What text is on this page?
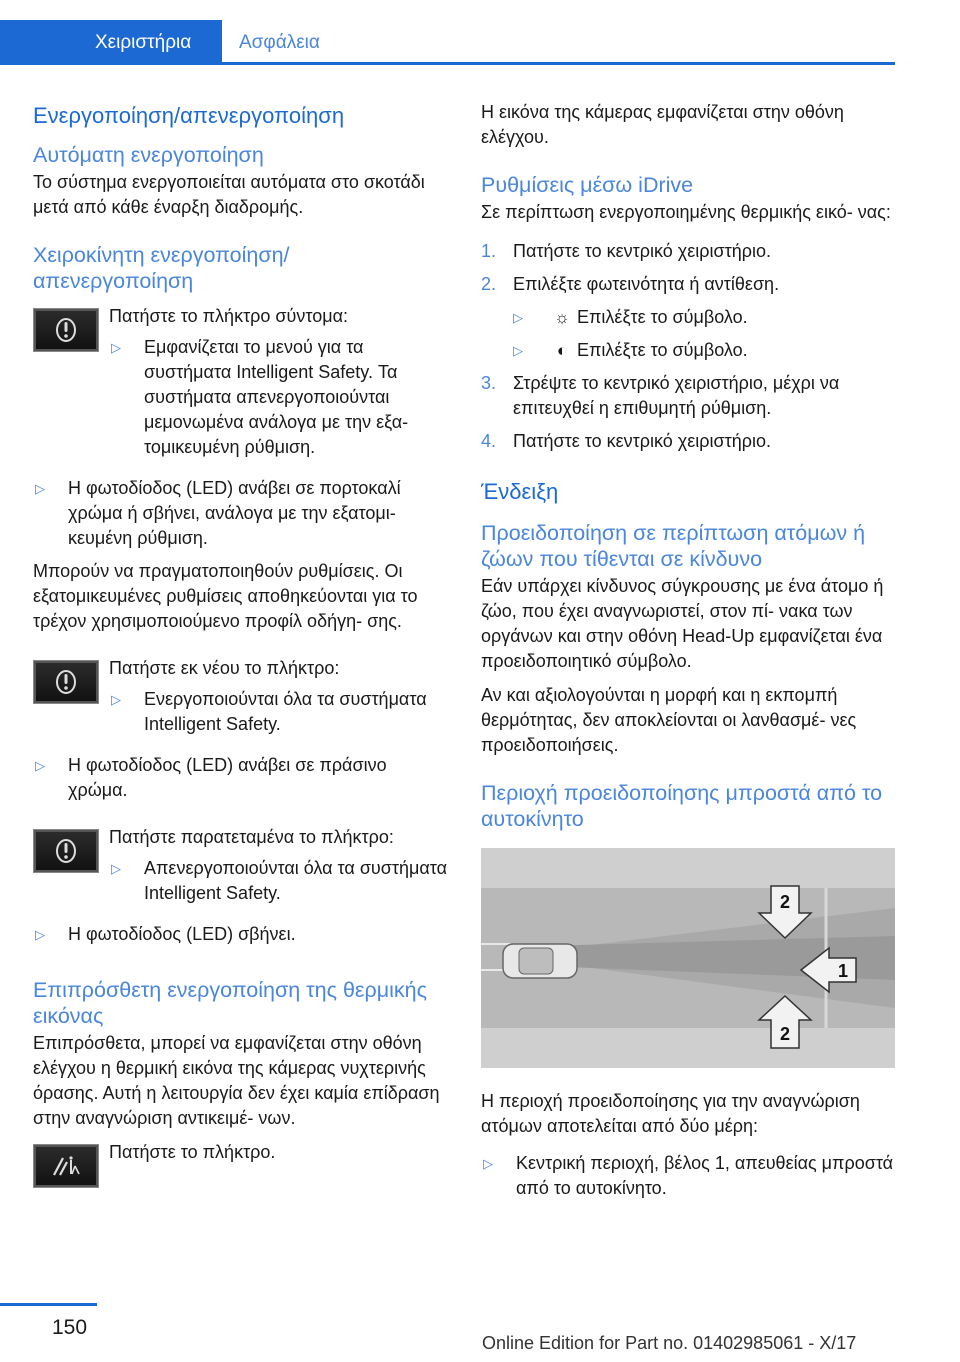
Χειριστήρια	Ασφάλεια
Ενεργοποίηση/απενεργοποίηση
Αυτόματη ενεργοποίηση
Το σύστημα ενεργοποιείται αυτόματα στο σκοτάδι μετά από κάθε έναρξη διαδρομής.
Χειροκίνητη ενεργοποίηση/ απενεργοποίηση
Πατήστε το πλήκτρο σύντομα:
▷	Εμφανίζεται το μενού για τα συστήματα Intelligent Safety. Τα συστήματα απενεργοποιούνται μεμονωμένα ανάλογα με την εξα- τομικευμένη ρύθμιση.
▷	Η φωτοδίοδος (LED) ανάβει σε πορτοκαλί χρώμα ή σβήνει, ανάλογα με την εξατομι- κευμένη ρύθμιση.
Μπορούν να πραγματοποιηθούν ρυθμίσεις. Οι εξατομικευμένες ρυθμίσεις αποθηκεύονται για το τρέχον χρησιμοποιούμενο προφίλ οδήγη- σης.
Πατήστε εκ νέου το πλήκτρο:
▷	Ενεργοποιούνται όλα τα συστήματα Intelligent Safety.
▷	Η φωτοδίοδος (LED) ανάβει σε πράσινο χρώμα.
Πατήστε παρατεταμένα το πλήκτρο:
▷	Απενεργοποιούνται όλα τα συστήματα Intelligent Safety.
▷	Η φωτοδίοδος (LED) σβήνει.
Επιπρόσθετη ενεργοποίηση της θερμικής εικόνας
Επιπρόσθετα, μπορεί να εμφανίζεται στην οθόνη ελέγχου η θερμική εικόνα της κάμερας νυχτερινής όρασης. Αυτή η λειτουργία δεν έχει καμία επίδραση στην αναγνώριση αντικειμέ- νων.
Πατήστε το πλήκτρο.
Η εικόνα της κάμερας εμφανίζεται στην οθόνη ελέγχου.
Ρυθμίσεις μέσω iDrive
Σε περίπτωση ενεργοποιημένης θερμικής εικό- νας:
1. Πατήστε το κεντρικό χειριστήριο.
2. Επιλέξτε φωτεινότητα ή αντίθεση.
▷	☼ Επιλέξτε το σύμβολο.
▷	◐ Επιλέξτε το σύμβολο.
3. Στρέψτε το κεντρικό χειριστήριο, μέχρι να επιτευχθεί η επιθυμητή ρύθμιση.
4. Πατήστε το κεντρικό χειριστήριο.
Ένδειξη
Προειδοποίηση σε περίπτωση ατόμων ή ζώων που τίθενται σε κίνδυνο
Εάν υπάρχει κίνδυνος σύγκρουσης με ένα άτομο ή ζώο, που έχει αναγνωριστεί, στον πί- νακα των οργάνων και στην οθόνη Head-Up εμφανίζεται ένα προειδοποιητικό σύμβολο.
Αν και αξιολογούνται η μορφή και η εκπομπή θερμότητας, δεν αποκλείονται οι λανθασμέ- νες προειδοποιήσεις.
Περιοχή προειδοποίησης μπροστά από το αυτοκίνητο
2
1
2
Η περιοχή προειδοποίησης για την αναγνώριση ατόμων αποτελείται από δύο μέρη:
▷	Κεντρική περιοχή, βέλος 1, απευθείας μπροστά από το αυτοκίνητο.
150
Online Edition for Part no. 01402985061 - X/17
